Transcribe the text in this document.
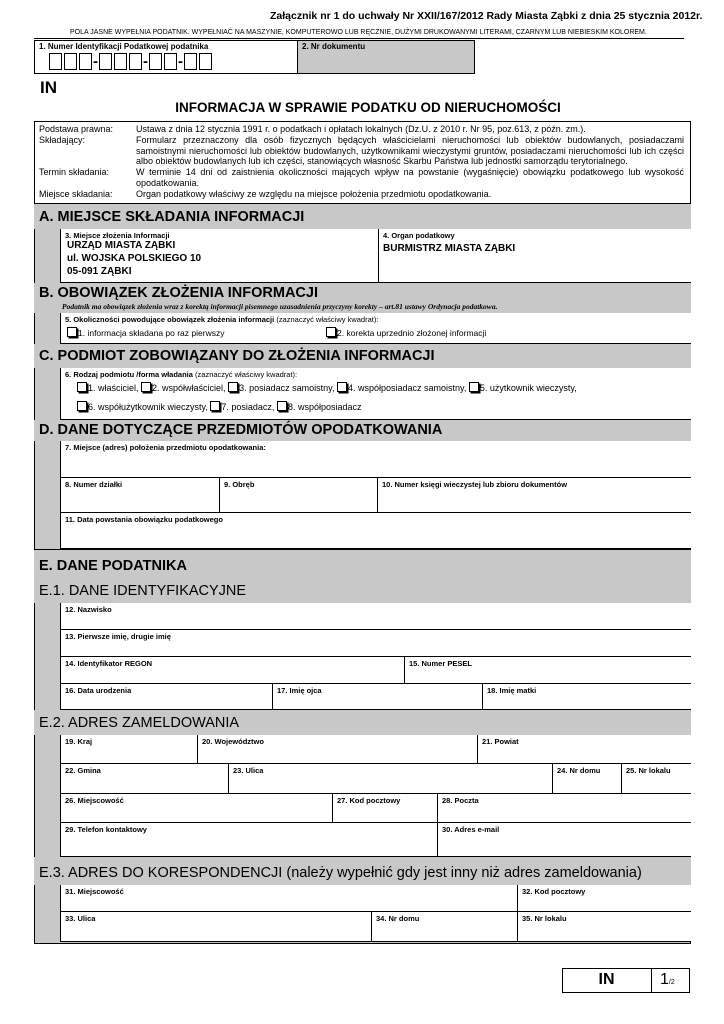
Załącznik nr 1 do uchwały Nr XXII/167/2012 Rady Miasta Ząbki z dnia 25 stycznia 2012r.
POLA JASNE WYPEŁNIA PODATNIK. WYPEŁNIAĆ NA MASZYNIE, KOMPUTEROWO LUB RĘCZNIE, DUŻYMI DRUKOWANYMI LITERAMI, CZARNYM LUB NIEBIESKIM KOLOREM.
1. Numer Identyfikacji Podatkowej podatnika
-	- -
2. Nr dokumentu
IN
INFORMACJA W SPRAWIE PODATKU OD NIERUCHOMOŚCI
Podstawa prawna:	Ustawa z dnia 12 stycznia 1991 r. o podatkach i opłatach lokalnych (Dz.U. z 2010 r. Nr 95, poz.613, z późn. zm.).
Składający:	Formularz przeznaczony dla osób fizycznych będących właścicielami nieruchomości lub obiektów budowlanych, posiadaczami samoistnymi nieruchomości lub obiektów budowlanych, użytkownikami wieczystymi gruntów, posiadaczami nieruchomości lub ich części albo obiektów budowlanych lub ich części, stanowiących własność Skarbu Państwa lub jednostki samorządu terytorialnego.
Termin składania:	W terminie 14 dni od zaistnienia okoliczności mających wpływ na powstanie (wygaśnięcie) obowiązku podatkowego lub wysokość opodatkowania.
Miejsce składania:	Organ podatkowy właściwy ze względu na miejsce położenia przedmiotu opodatkowania.
A. MIEJSCE SKŁADANIA INFORMACJI
3. Miejsce złożenia Informacji
URZĄD MIASTA ZĄBKI
ul. WOJSKA POLSKIEGO 10
05-091 ZĄBKI
4. Organ podatkowy
BURMISTRZ MIASTA ZĄBKI
B. OBOWIĄZEK ZŁOŻENIA INFORMACJI
Podatnik ma obowiązek złożenia wraz z korektą informacji pisemnego uzasadnienia przyczyny korekty – art.81 ustawy Ordynacja podatkowa.
5. Okoliczności powodujące obowiązek złożenia informacji (zaznaczyć właściwy kwadrat):
1. informacja składana po raz pierwszy	2. korekta uprzednio złożonej informacji
C. PODMIOT ZOBOWIĄZANY DO ZŁOŻENIA INFORMACJI
6. Rodzaj podmiotu /forma władania (zaznaczyć właściwy kwadrat):
1. właściciel, 2. współwłaściciel, 3. posiadacz samoistny, 4. współposiadacz samoistny, 5. użytkownik wieczysty,
6. współużytkownik wieczysty, 7. posiadacz, 8. współposiadacz
D. DANE DOTYCZĄCE PRZEDMIOTÓW OPODATKOWANIA
7. Miejsce (adres) położenia przedmiotu opodatkowania:
8. Numer działki	9. Obręb	10. Numer księgi wieczystej lub zbioru dokumentów
11. Data powstania obowiązku podatkowego
E. DANE PODATNIKA
E.1. DANE IDENTYFIKACYJNE
12. Nazwisko
13. Pierwsze imię, drugie imię
14. Identyfikator REGON	15. Numer PESEL
16. Data urodzenia	17. Imię ojca	18. Imię matki
E.2. ADRES ZAMELDOWANIA
19. Kraj	20. Województwo	21. Powiat
22. Gmina	23. Ulica	24. Nr domu	25. Nr lokalu
26. Miejscowość	27. Kod pocztowy	28. Poczta
29. Telefon kontaktowy	30. Adres e-mail
E.3. ADRES DO KORESPONDENCJI (należy wypełnić gdy jest inny niż adres zameldowania)
31. Miejscowość	32. Kod pocztowy
33. Ulica	34. Nr domu	35. Nr lokalu
IN	1/2
